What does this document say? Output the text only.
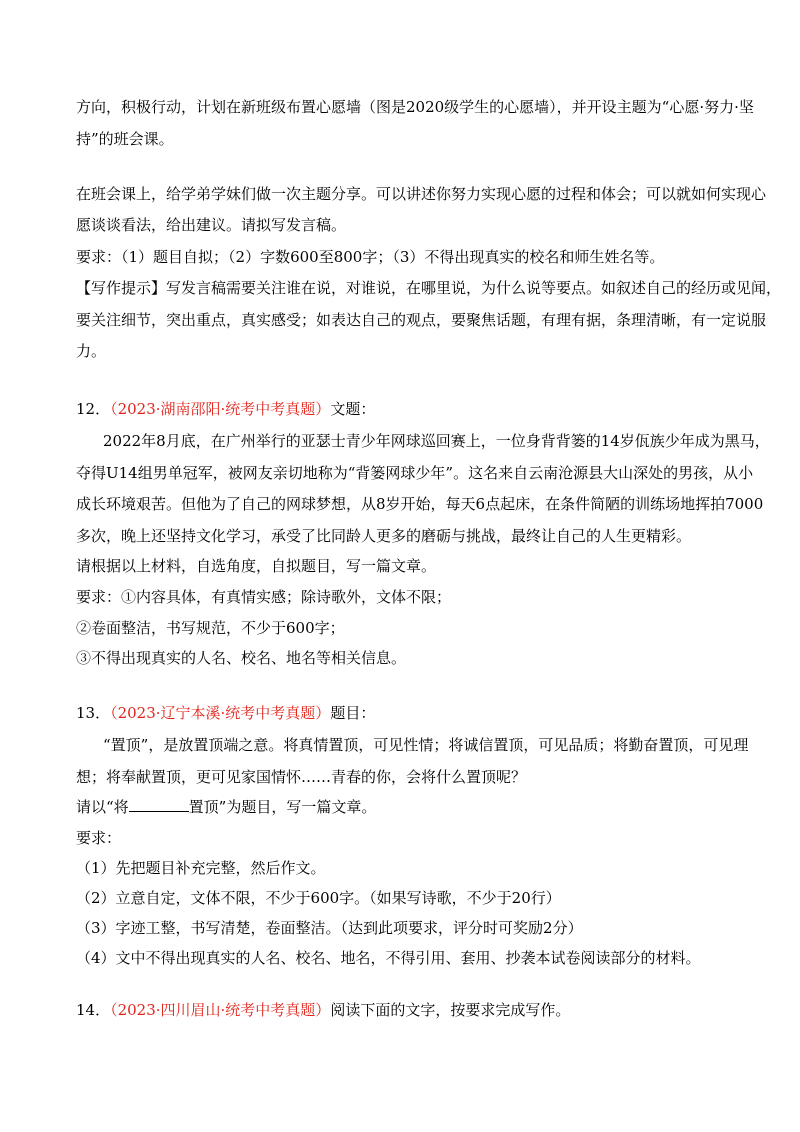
方向，积极行动，计划在新班级布置心愿墙（图是2020级学生的心愿墙），并开设主题为“心愿·努力·坚
持”的班会课。
在班会课上，给学弟学妹们做一次主题分享。可以讲述你努力实现心愿的过程和体会；可以就如何实现心
愿谈谈看法，给出建议。请拟写发言稿。
要求：（1）题目自拟；（2）字数600至800字；（3）不得出现真实的校名和师生姓名等。
【写作提示】写发言稿需要关注谁在说，对谁说，在哪里说，为什么说等要点。如叙述自己的经历或见闻，
要关注细节，突出重点，真实感受；如表达自己的观点，要聚焦话题，有理有据，条理清晰，有一定说服
力。
12．（2023·湖南邵阳·统考中考真题）文题：
2022年8月底，在广州举行的亚瑟士青少年网球巡回赛上，一位身背背篓的14岁佤族少年成为黑马，
夺得U14组男单冠军，被网友亲切地称为“背篓网球少年”。这名来自云南沧源县大山深处的男孩，从小
成长环境艰苦。但他为了自己的网球梦想，从8岁开始，每天6点起床，在条件简陋的训练场地挥拍7000
多次，晚上还坚持文化学习，承受了比同龄人更多的磨砺与挑战，最终让自己的人生更精彩。
请根据以上材料，自选角度，自拟题目，写一篇文章。
要求：①内容具体，有真情实感；除诗歌外，文体不限；
②卷面整洁，书写规范，不少于600字；
③不得出现真实的人名、校名、地名等相关信息。
13．（2023·辽宁本溪·统考中考真题）题目：
“置顶”，是放置顶端之意。将真情置顶，可见性情；将诚信置顶，可见品质；将勤奋置顶，可见理
想；将奉献置顶，更可见家国情怀……青春的你，会将什么置顶呢？
请以“将	置顶”为题目，写一篇文章。
要求：
（1）先把题目补充完整，然后作文。
（2）立意自定，文体不限，不少于600字。（如果写诗歌，不少于20行）
（3）字迹工整，书写清楚，卷面整洁。（达到此项要求，评分时可奖励2分）
（4）文中不得出现真实的人名、校名、地名，不得引用、套用、抄袭本试卷阅读部分的材料。
14．（2023·四川眉山·统考中考真题）阅读下面的文字，按要求完成写作。
